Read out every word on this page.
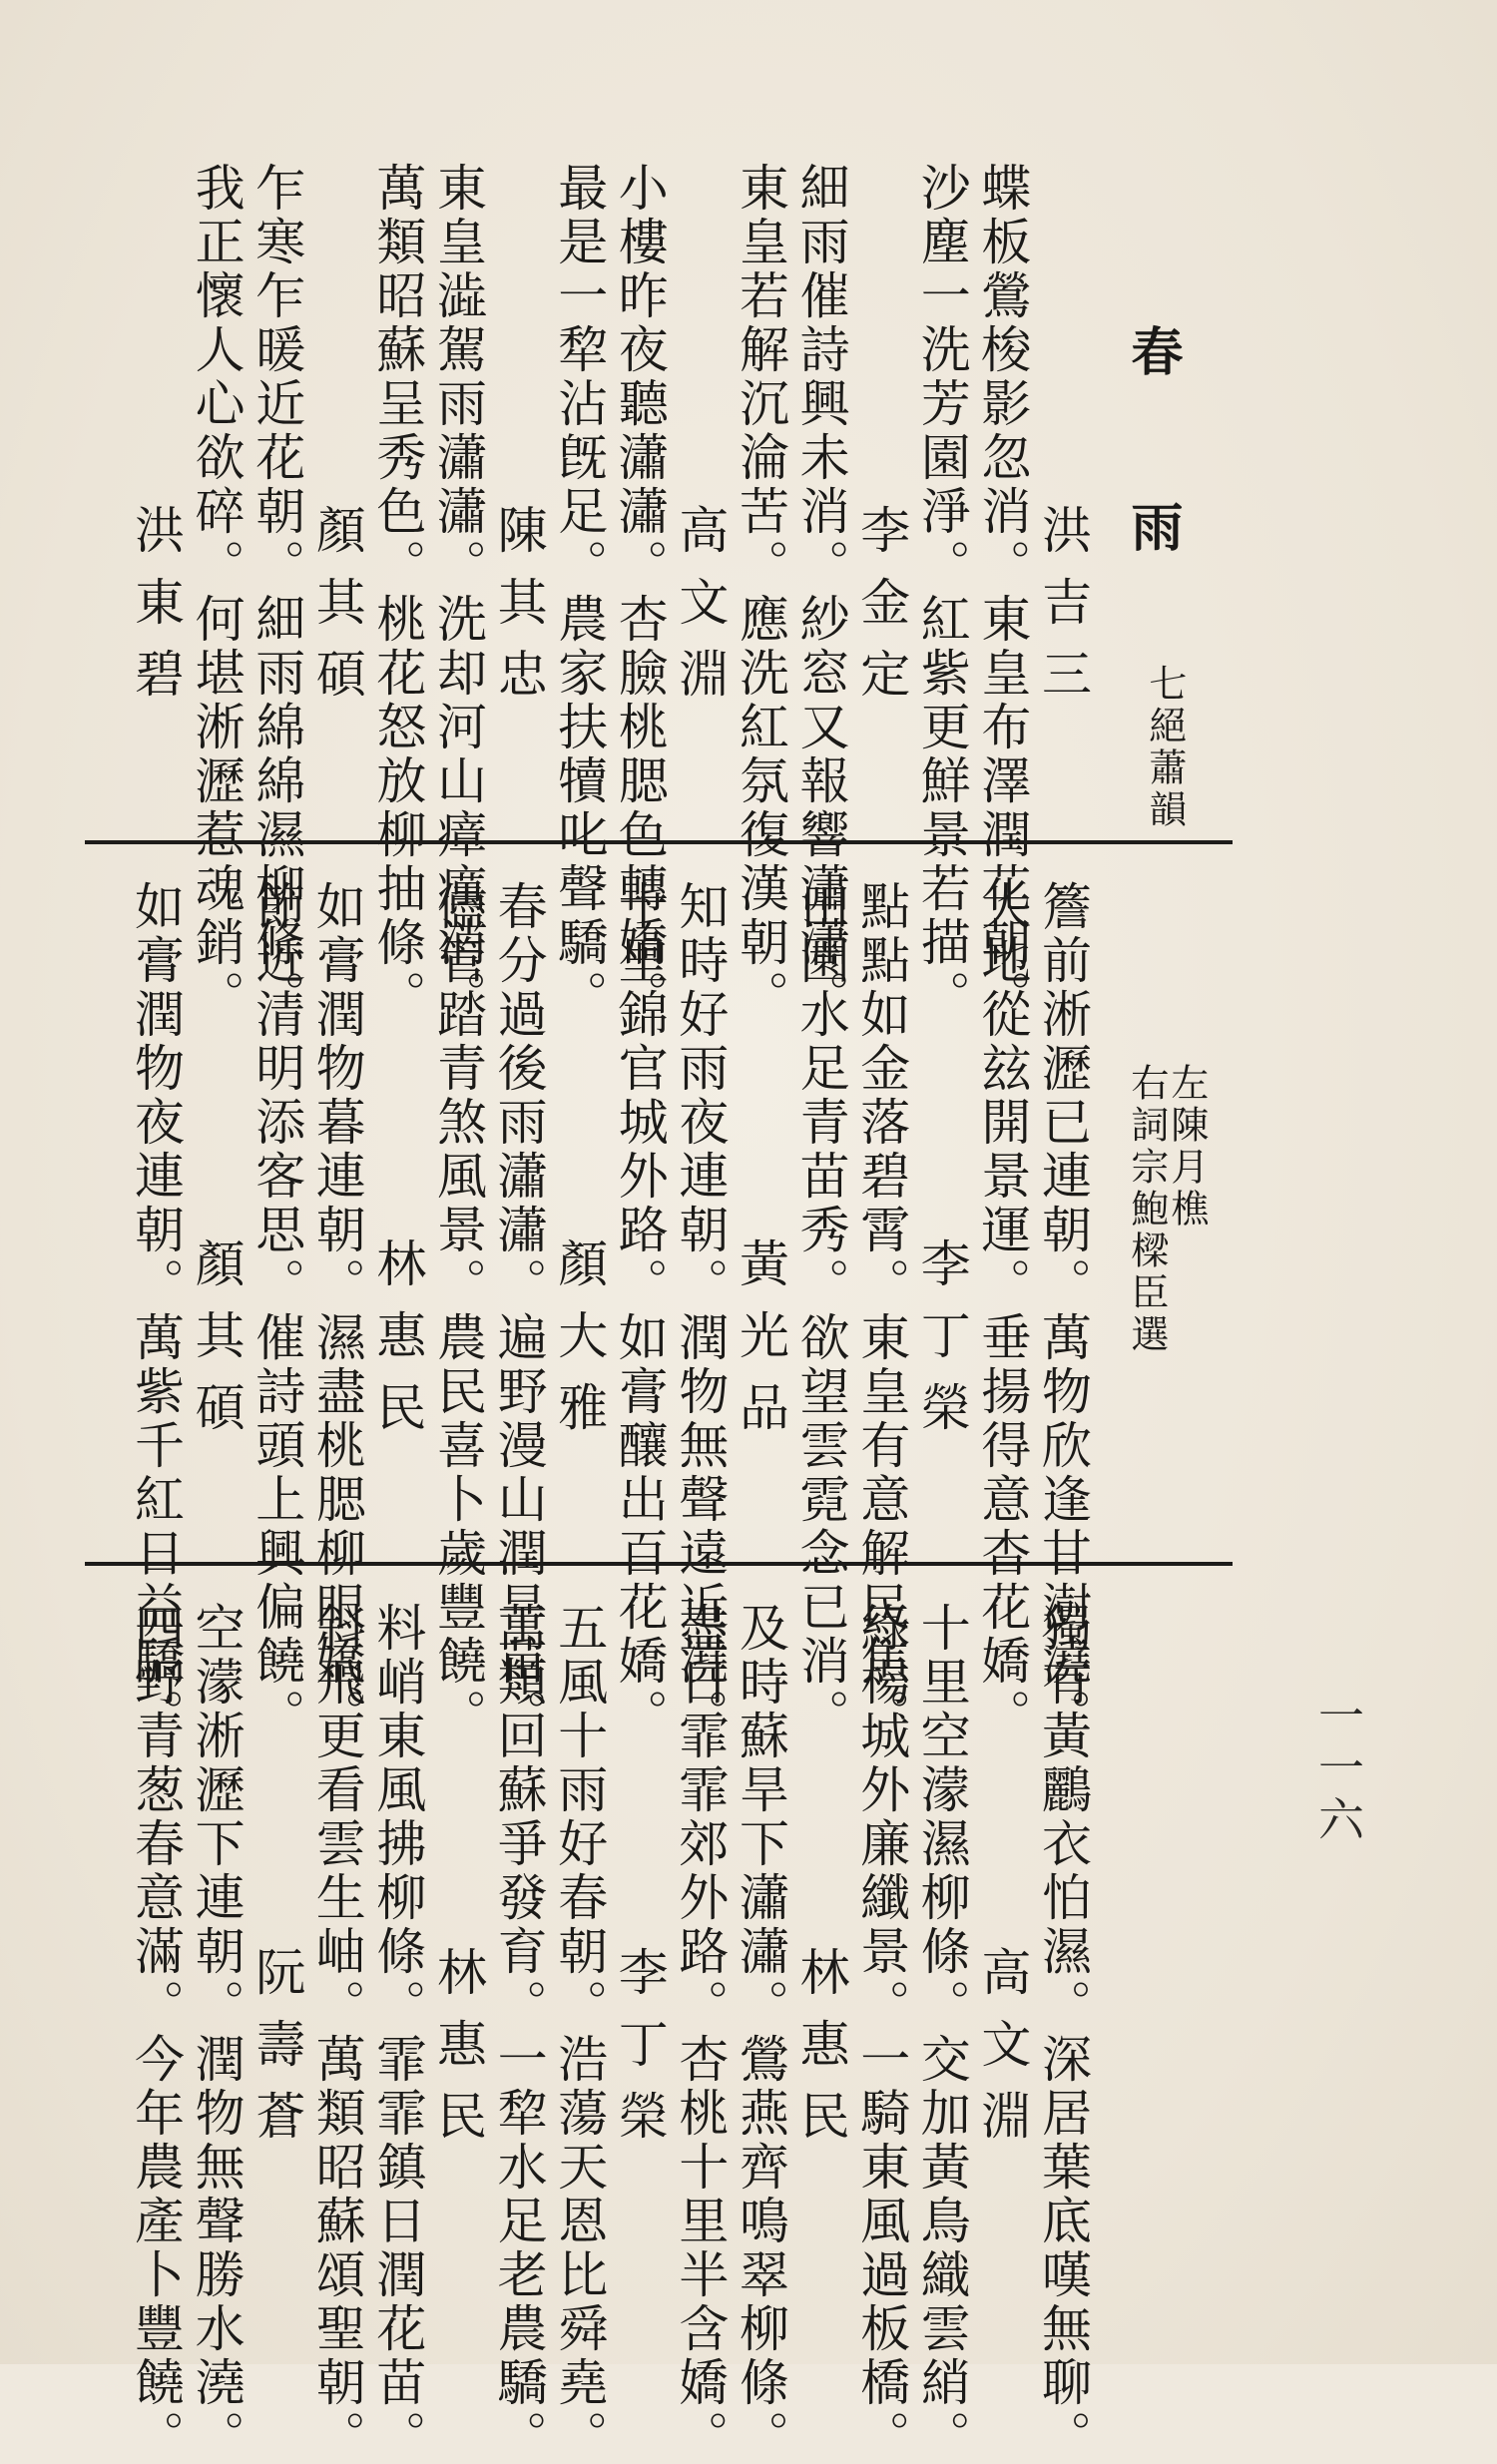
一一六
春　雨
七絕蕭韻
洪吉三
蝶板鶯梭影忽消。東皇布澤潤花朝。
沙塵一洗芳園淨。紅紫更鮮景若描。
李金定
細雨催詩興未消。紗窓又報響瀟瀟。
東皇若解沉淪苦。應洗紅氛復漢朝。
高文淵
小樓昨夜聽瀟瀟。杏臉桃腮色轉嬌。
最是一犂沾旣足。農家扶犢叱聲驕。
陳其忠
東皇澁駕雨瀟瀟。洗却河山瘴癘消。
萬類昭蘇呈秀色。桃花怒放柳抽條。
顏其碩
乍寒乍暖近花朝。細雨綿綿濕柳條。
我正懷人心欲碎。何堪淅瀝惹魂銷。
洪東碧
左陳月樵
右詞宗鮑樑臣選
簷前淅瀝已連朝。萬物欣逢甘澍澆。
大地從玆開景運。垂揚得意杏花嬌。
李丁榮
點點如金落碧霄。東皇有意解民焦。
田園水足青苗秀。欲望雲霓念已消。
黃光品
知時好雨夜連朝。潤物無聲遠近澆。
十里錦官城外路。如膏釀出百花嬌。
顏大雅
春分過後雨瀟瀟。遍野漫山潤旱苗。
儘管踏青煞風景。農民喜卜歲豐饒。
林惠民
如膏潤物暮連朝。濕盡桃腮柳眼嬌。
節近清明添客思。催詩頭上興偏饒。
顏其碩
如膏潤物夜連朝。萬紫千紅日益驕。
獨有黃鸝衣怕濕。深居葉底嘆無聊。
高文淵
十里空濛濕柳條。交加黃鳥織雲綃。
綠楊城外廉纖景。一騎東風過板橋。
林惠民
及時蘇旱下瀟瀟。鶯燕齊鳴翠柳條。
盡日霏霏郊外路。杏桃十里半含嬌。
李丁榮
五風十雨好春朝。浩蕩天恩比舜堯。
萬類回蘇爭發育。一犂水足老農驕。
林惠民
料峭東風拂柳條。霏霏鎮日潤花苗。
斜飛更看雲生岫。萬類昭蘇頌聖朝。
阮壽蒼
空濛淅瀝下連朝。潤物無聲勝水澆。
四野青葱春意滿。今年農產卜豐饒。
